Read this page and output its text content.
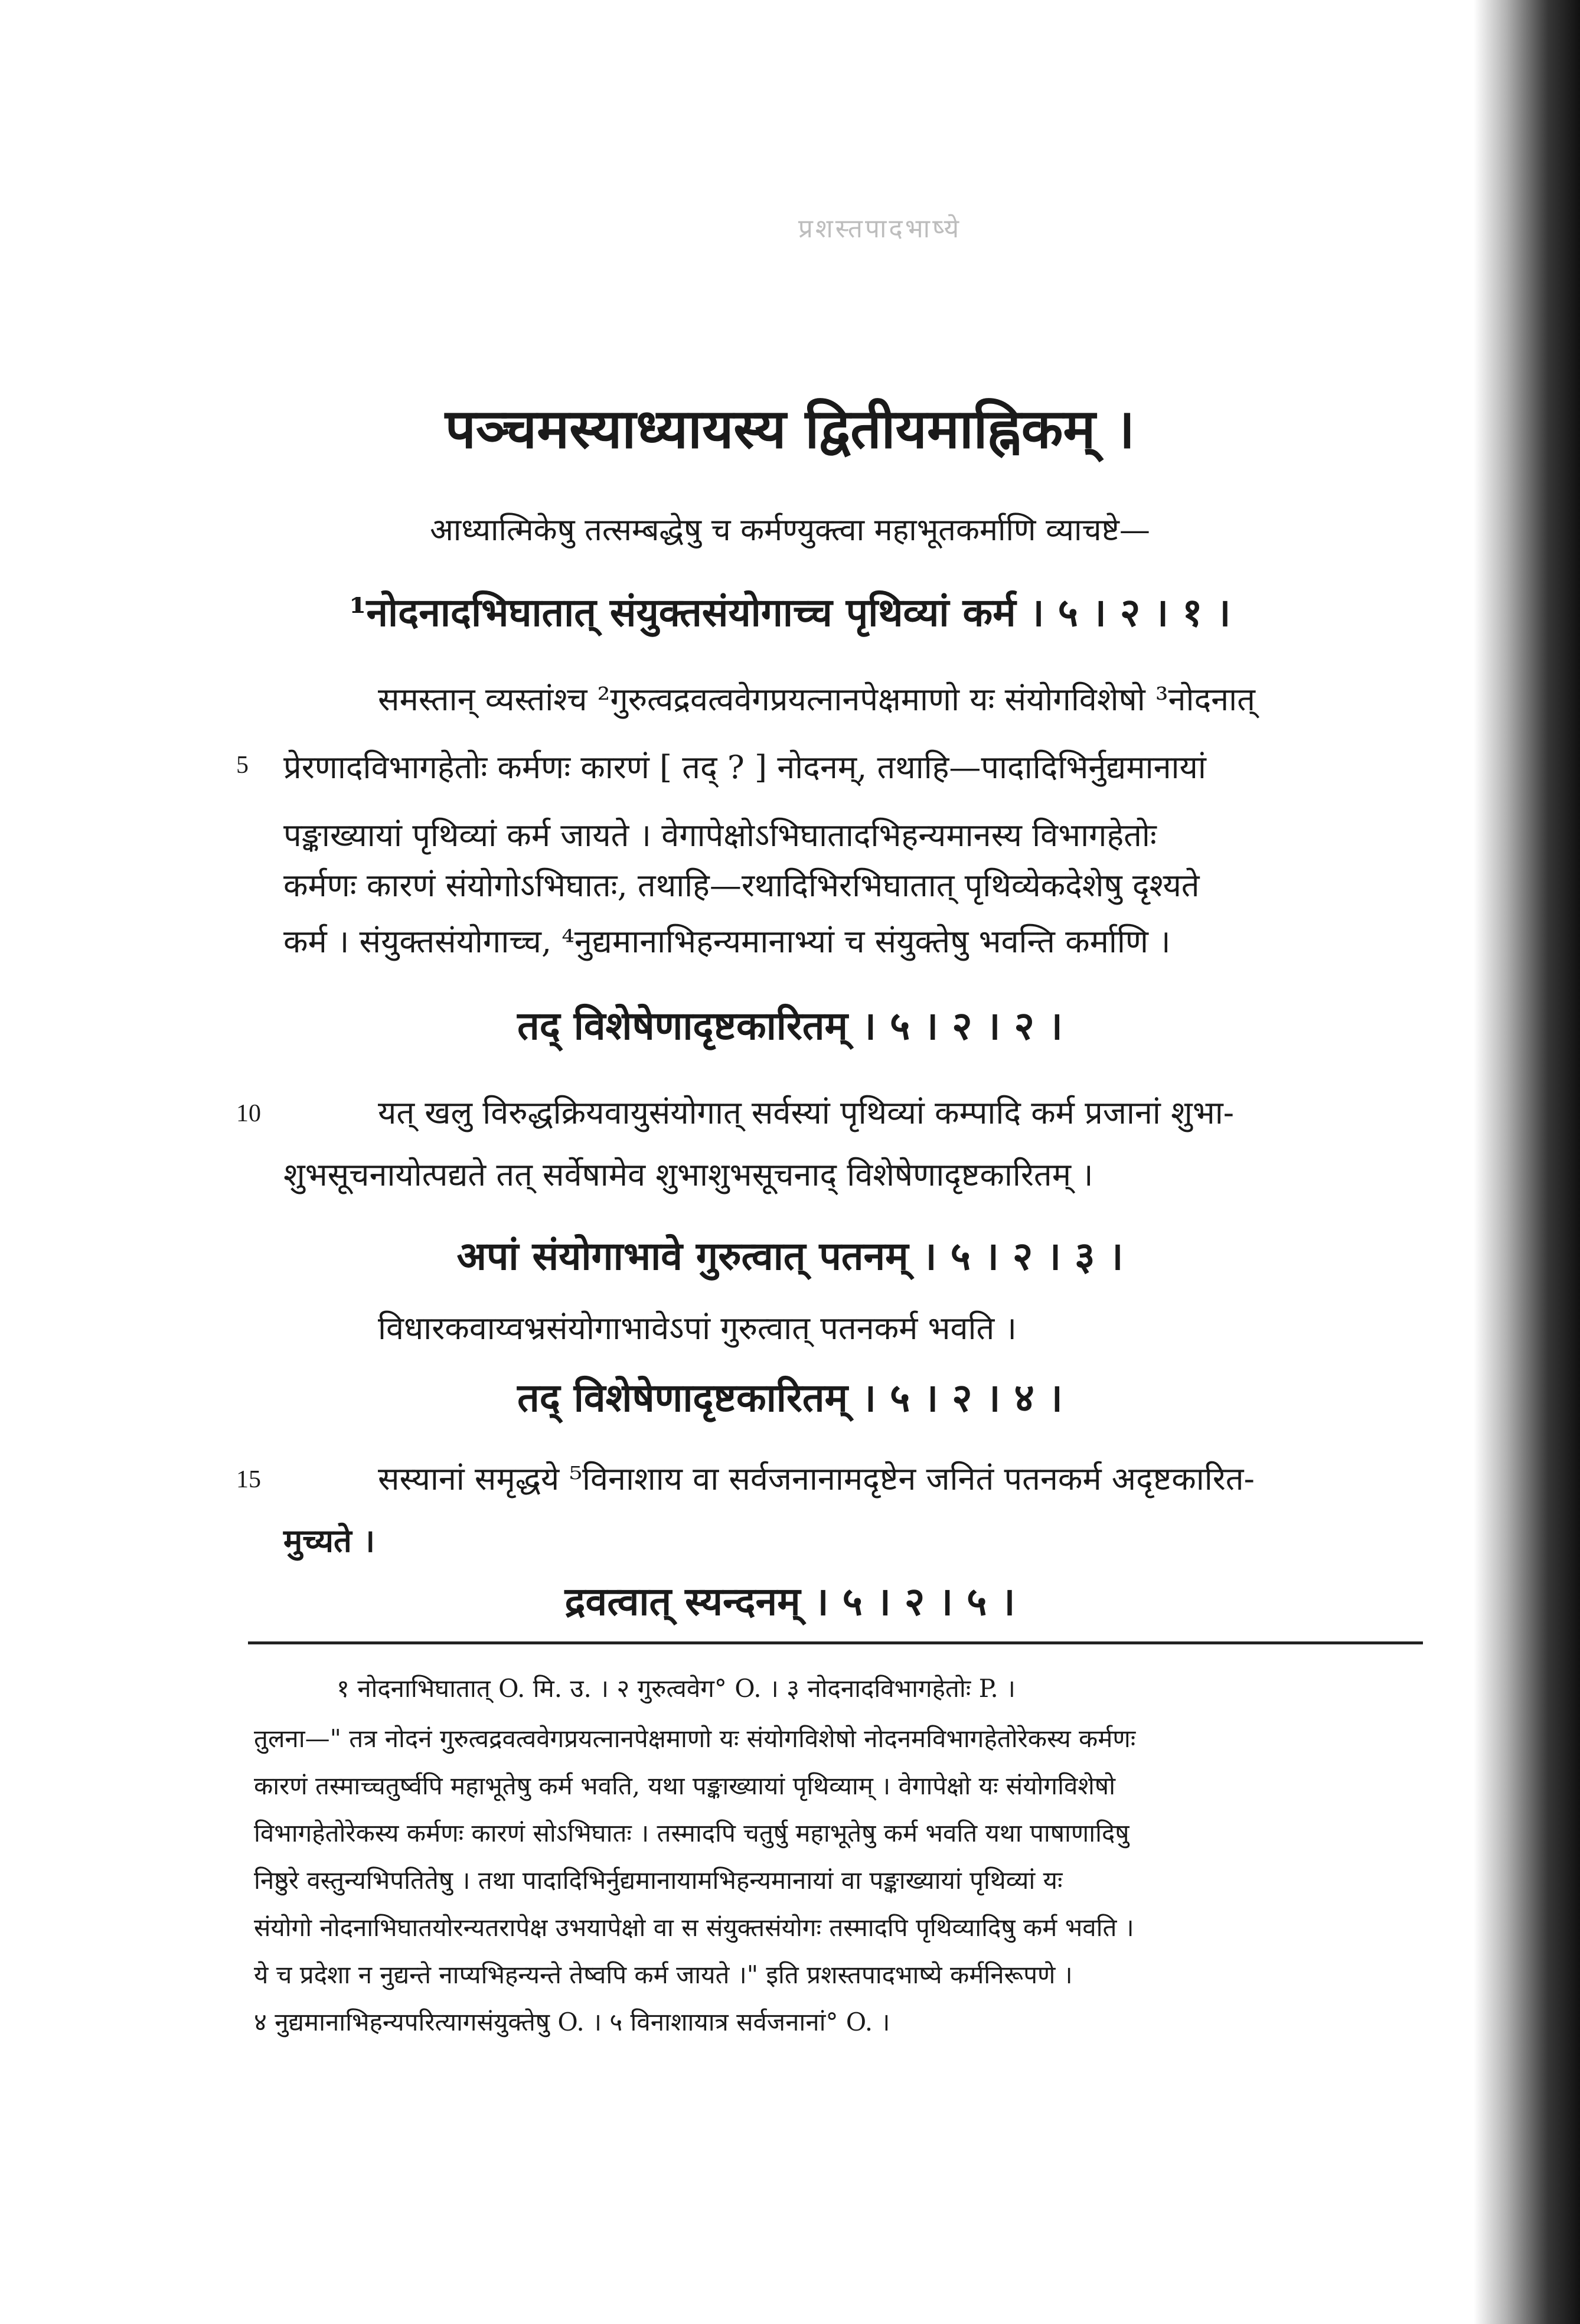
प्रशस्तपादभाष्ये
पञ्चमस्याध्यायस्य द्वितीयमाह्निकम् ।
आध्यात्मिकेषु तत्सम्बद्धेषु च कर्मण्युक्त्वा महाभूतकर्माणि व्याचष्टे—
¹नोदनादभिघातात् संयुक्तसंयोगाच्च पृथिव्यां कर्म । ५ । २ । १ ।
समस्तान् व्यस्तांश्च ²गुरुत्वद्रवत्ववेगप्रयत्नानपेक्षमाणो यः संयोगविशेषो ³नोदनात्
5 प्रेरणादविभागहेतोः कर्मणः कारणं [ तद् ? ] नोदनम्, तथाहि—पादादिभिर्नुद्यमानायां
पङ्काख्यायां पृथिव्यां कर्म जायते । वेगापेक्षोऽभिघातादभिहन्यमानस्य विभागहेतोः
कर्मणः कारणं संयोगोऽभिघातः, तथाहि—रथादिभिरभिघातात् पृथिव्येकदेशेषु दृश्यते
कर्म । संयुक्तसंयोगाच्च, ⁴नुद्यमानाभिहन्यमानाभ्यां च संयुक्तेषु भवन्ति कर्माणि ।
तद् विशेषेणादृष्टकारितम् । ५ । २ । २ ।
10	यत् खलु विरुद्धक्रियवायुसंयोगात् सर्वस्यां पृथिव्यां कम्पादि कर्म प्रजानां शुभा-
शुभसूचनायोत्पद्यते तत् सर्वेषामेव शुभाशुभसूचनाद् विशेषेणादृष्टकारितम् ।
अपां संयोगाभावे गुरुत्वात् पतनम् । ५ । २ । ३ ।
विधारकवाय्वभ्रसंयोगाभावेऽपां गुरुत्वात् पतनकर्म भवति ।
तद् विशेषेणादृष्टकारितम् । ५ । २ । ४ ।
15	सस्यानां समृद्धये ⁵विनाशाय वा सर्वजनानामदृष्टेन जनितं पतनकर्म अदृष्टकारित-
मुच्यते ।
द्रवत्वात् स्यन्दनम् । ५ । २ । ५ ।
१ नोदनाभिघातात् O. मि. उ. । २ गुरुत्ववेग° O. । ३ नोदनादविभागहेतोः P. ।
तुलना—" तत्र नोदनं गुरुत्वद्रवत्ववेगप्रयत्नानपेक्षमाणो यः संयोगविशेषो नोदनमविभागहेतोरेकस्य कर्मणः
कारणं तस्माच्चतुर्ष्वपि महाभूतेषु कर्म भवति, यथा पङ्काख्यायां पृथिव्याम् । वेगापेक्षो यः संयोगविशेषो
विभागहेतोरेकस्य कर्मणः कारणं सोऽभिघातः । तस्मादपि चतुर्षु महाभूतेषु कर्म भवति यथा पाषाणादिषु
निष्ठुरे वस्तुन्यभिपतितेषु । तथा पादादिभिर्नुद्यमानायामभिहन्यमानायां वा पङ्काख्यायां पृथिव्यां यः
संयोगो नोदनाभिघातयोरन्यतरापेक्ष उभयापेक्षो वा स संयुक्तसंयोगः तस्मादपि पृथिव्यादिषु कर्म भवति ।
ये च प्रदेशा न नुद्यन्ते नाप्यभिहन्यन्ते तेष्वपि कर्म जायते ।" इति प्रशस्तपादभाष्ये कर्मनिरूपणे ।
४ नुद्यमानाभिहन्यपरित्यागसंयुक्तेषु O. । ५ विनाशायात्र सर्वजनानां° O. ।
